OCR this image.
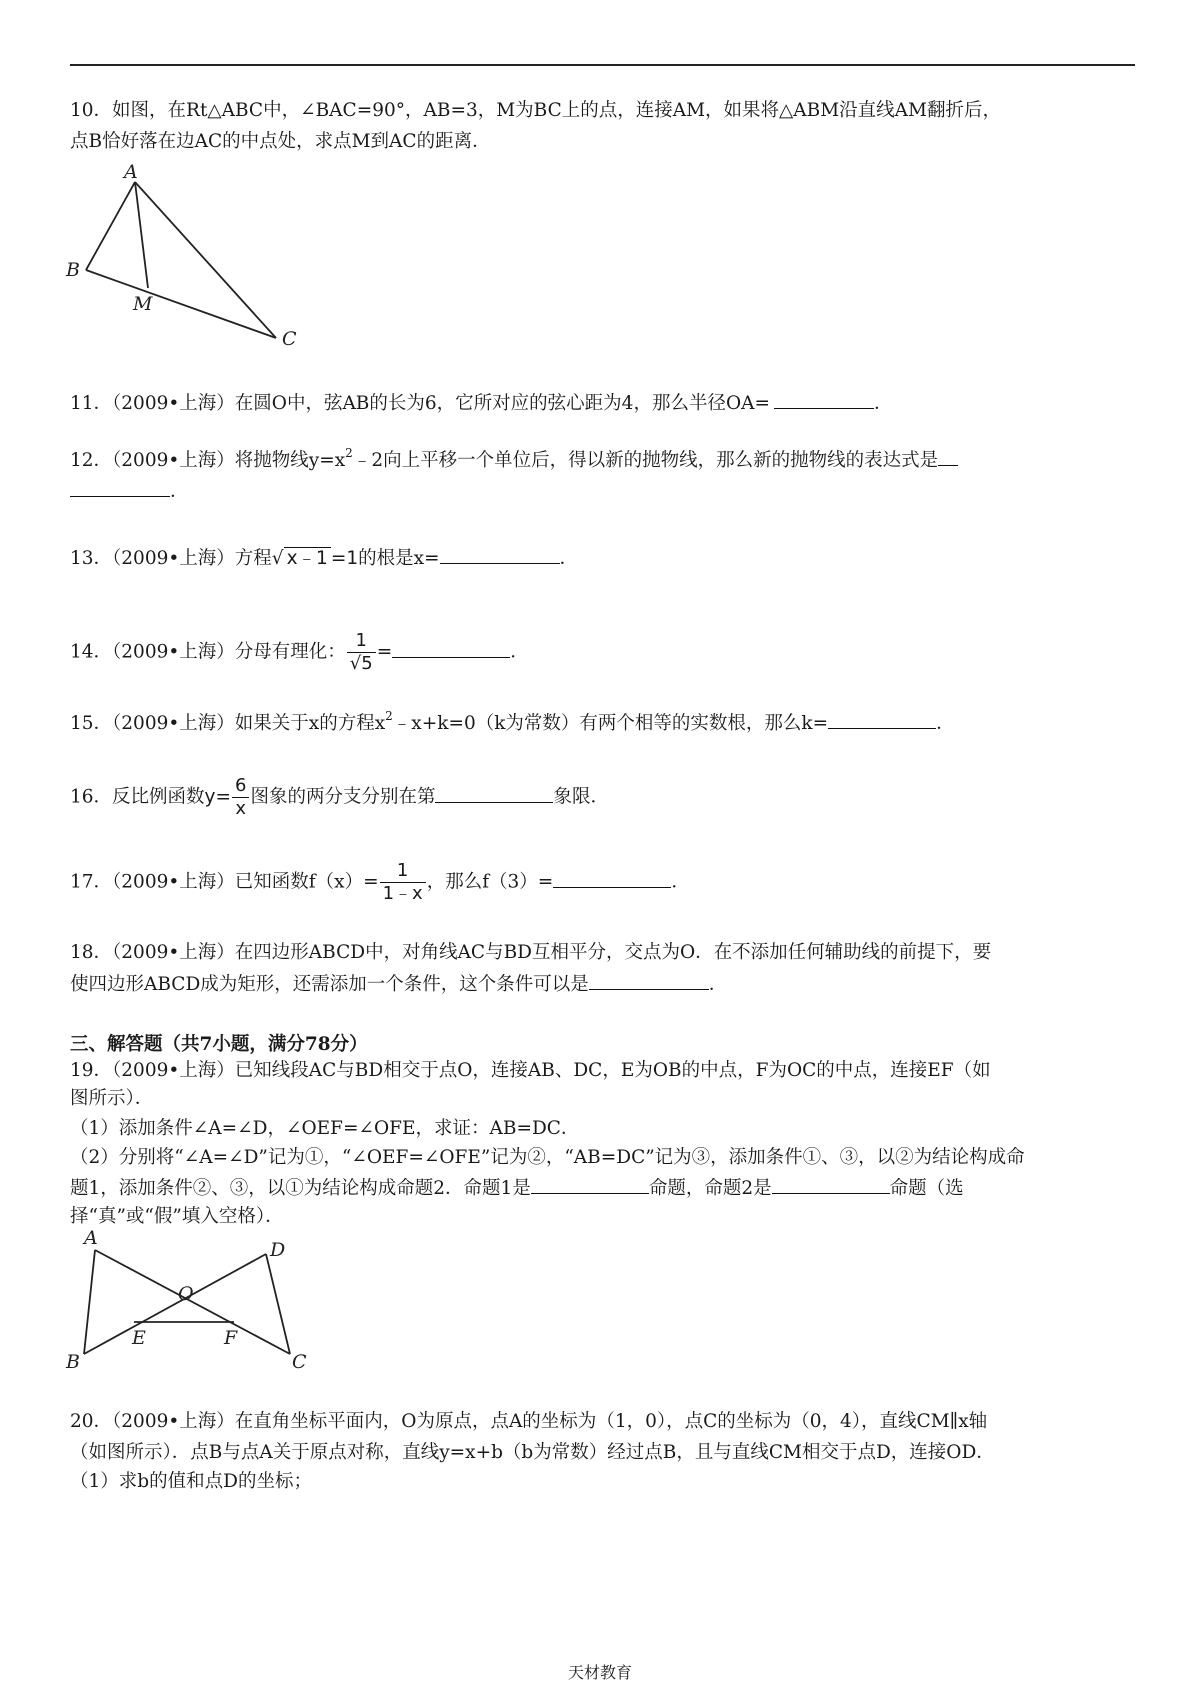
10．如图，在Rt△ABC中，∠BAC=90°，AB=3，M为BC上的点，连接AM，如果将△ABM沿直线AM翻折后，
点B恰好落在边AC的中点处，求点M到AC的距离．
A
B
M
C
11．（2009•上海）在圆O中，弦AB的长为6，它所对应的弦心距为4，那么半径OA=	．
12．（2009•上海）将抛物线$y=x^2﹣2$向上平移一个单位后，得以新的抛物线，那么新的抛物线的表达式是
．
13．（2009•上海）方程√ x﹣1 =1的根是x=	．
14．（2009•上海）分母有理化： $\frac{1}{√5}$ =	．
15．（2009•上海）如果关于x的方程$x^2﹣x+k=0(k$为常数）有两个相等的实数根，那么k=	．
16．反比例函数$y= \frac{6}{x}$ 图象的两分支分别在第	象限．
17．（2009•上海）已知函数$f(x)= \frac{1}{1﹣x}$ ，那么f（3）=	．
18．（2009•上海）在四边形ABCD中，对角线AC与BD互相平分，交点为O．在不添加任何辅助线的前提下，要
使四边形ABCD成为矩形，还需添加一个条件，这个条件可以是	．
三、解答题（共7小题，满分78分）
19．（2009•上海）已知线段AC与BD相交于点O，连接AB、DC，E为OB的中点，F为OC的中点，连接EF（如
图所示）．
（1）添加条件∠A=∠D，∠OEF=∠OFE，求证：AB=DC．
（2）分别将“∠A=∠D”记为①，“∠OEF=∠OFE”记为②，“AB=DC”记为③，添加条件①、③，以②为结论构成命
题1，添加条件②、③，以①为结论构成命题2．命题1是	命题，命题2是	命题（选
择“真”或“假”填入空格）．
A
D
O
E	F
B	C
20．（2009•上海）在直角坐标平面内，O为原点，点A的坐标为（1，0），点C的坐标为（0，4），直线CM∥x轴
（如图所示）．点B与点A关于原点对称，直线y=x+b（b为常数）经过点B，且与直线CM相交于点D，连接OD．
（1）求b的值和点D的坐标；
天材教育
